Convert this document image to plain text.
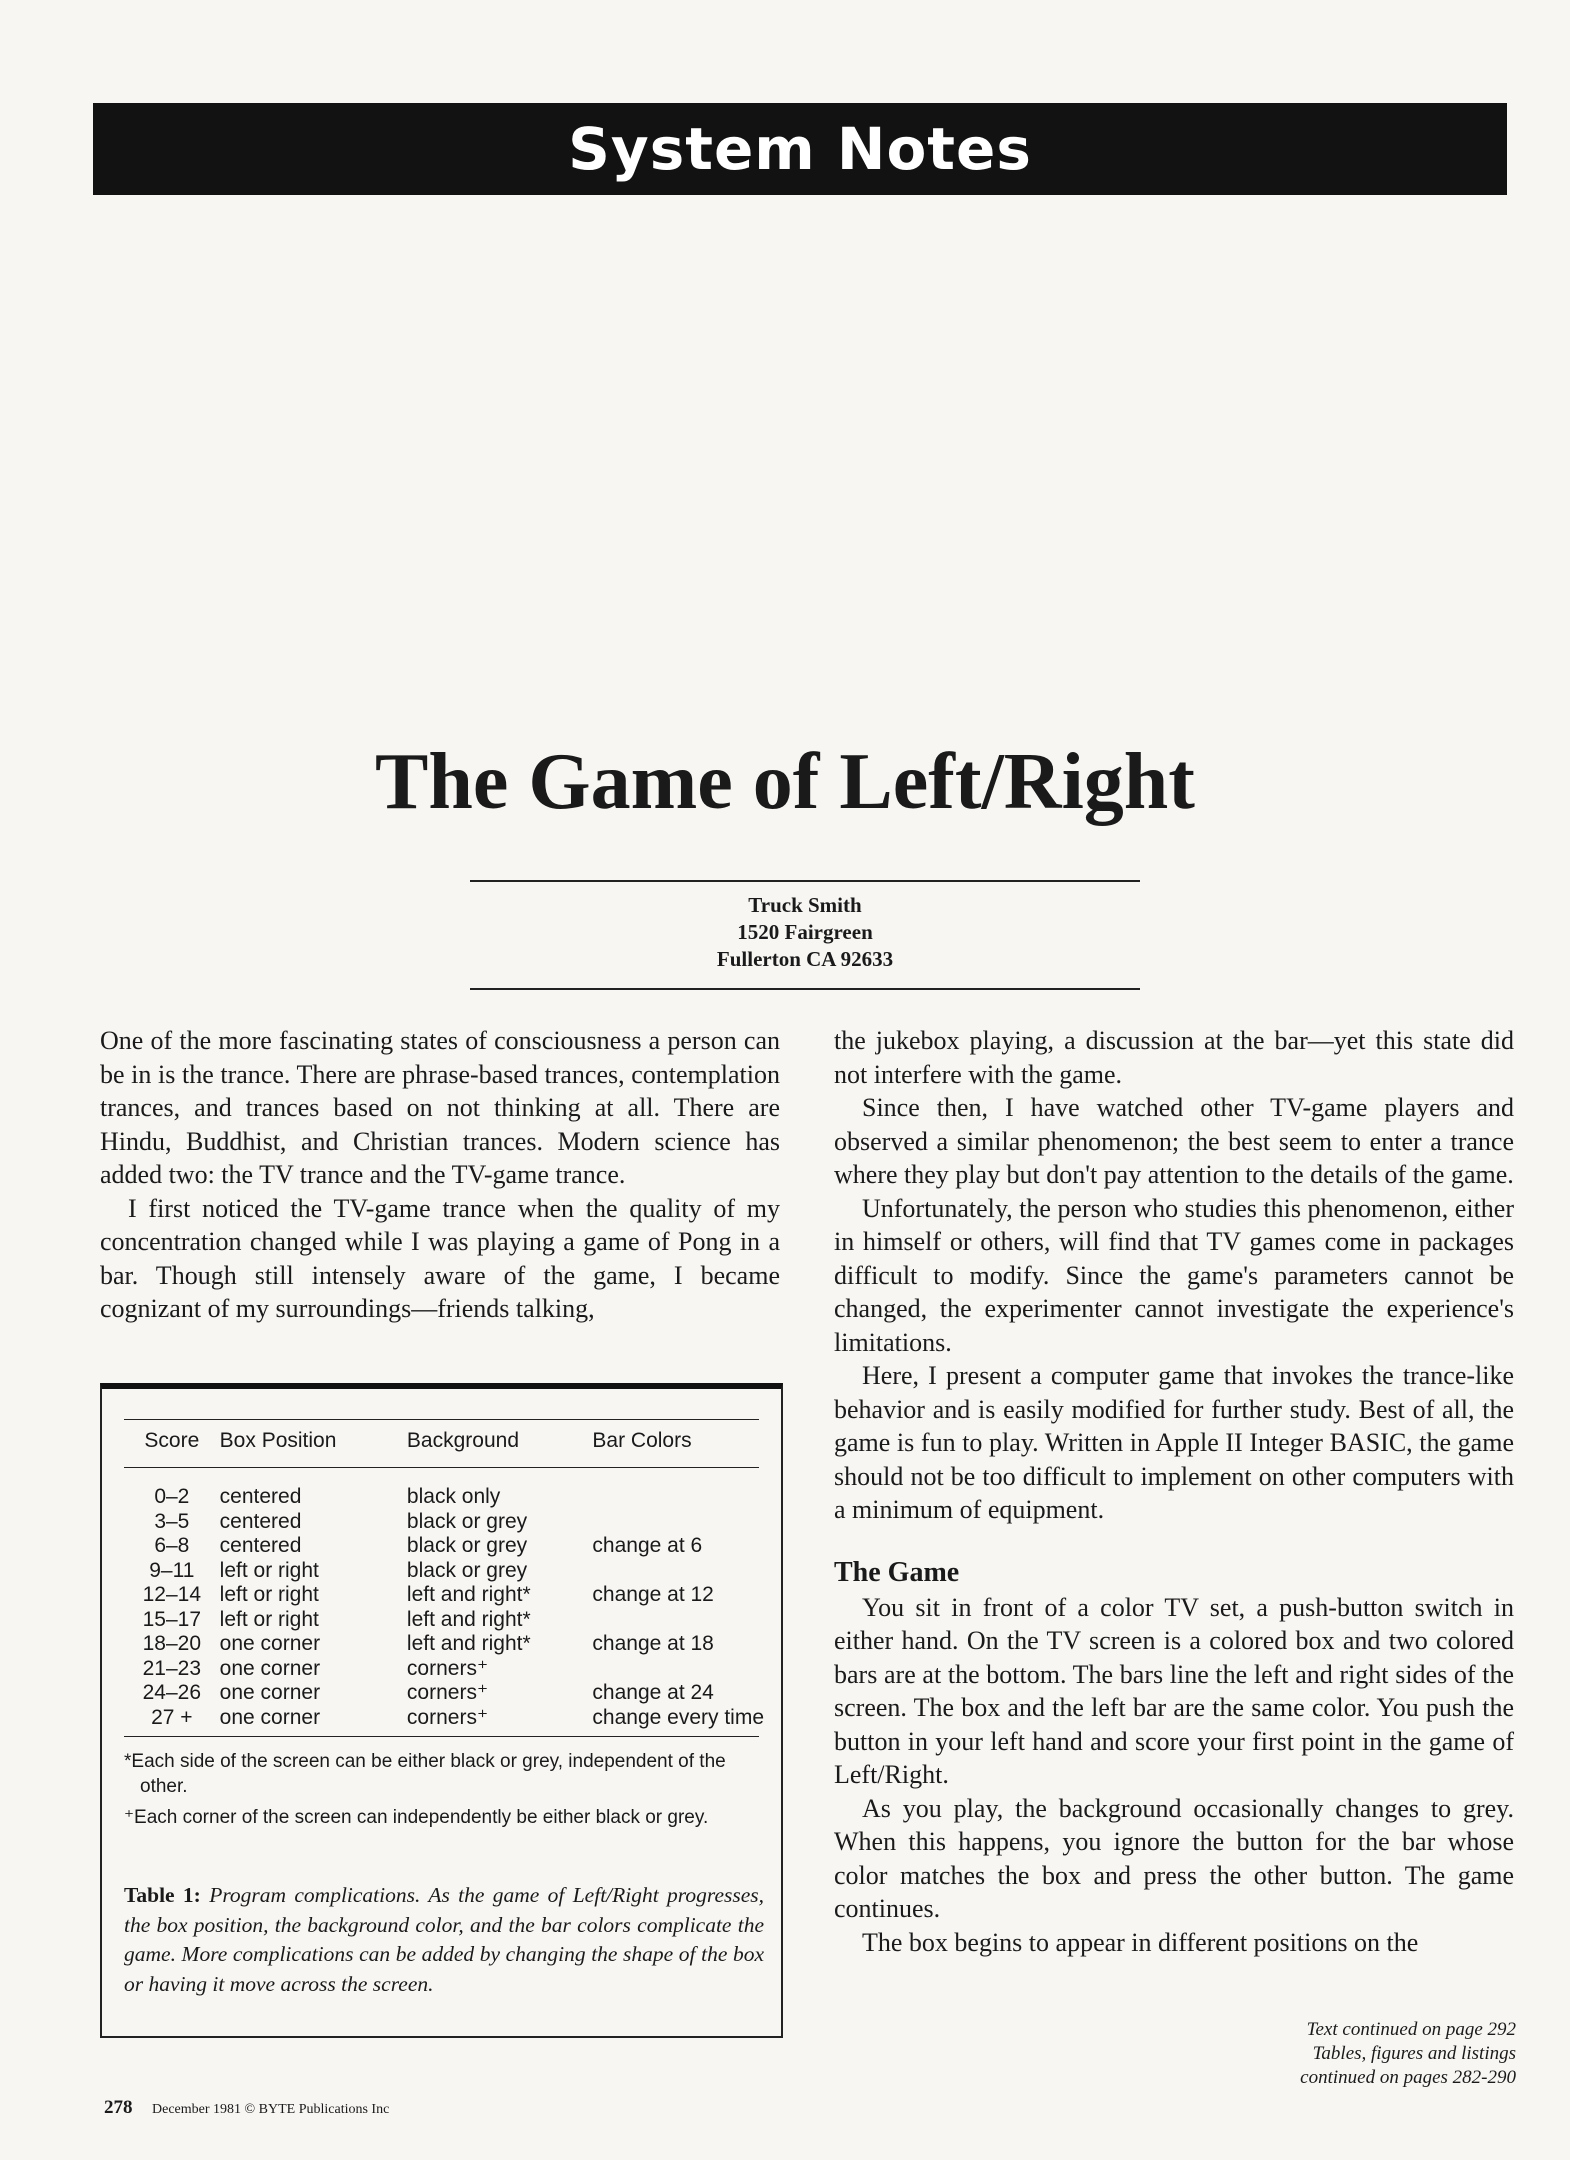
System Notes
The Game of Left/Right
Truck Smith
1520 Fairgreen
Fullerton CA 92633

One of the more fascinating states of consciousness a person can be in is the trance. There are phrase-based trances, contemplation trances, and trances based on not thinking at all. There are Hindu, Buddhist, and Christian trances. Modern science has added two: the TV trance and the TV-game trance.

I first noticed the TV-game trance when the quality of my concentration changed while I was playing a game of Pong in a bar. Though still intensely aware of the game, I became cognizant of my surroundings—friends talking,

Score	Box Position	Background	Bar Colors
0–2	centered	black only	
3–5	centered	black or grey	
6–8	centered	black or grey	change at 6
9–11	left or right	black or grey	
12–14	left or right	left and right*	change at 12
15–17	left or right	left and right*	
18–20	one corner	left and right*	change at 18
21–23	one corner	corners⁺	
24–26	one corner	corners⁺	change at 24
27 +	one corner	corners⁺	change every time

*Each side of the screen can be either black or grey, independent of the other.

⁺Each corner of the screen can independently be either black or grey.

Table 1: Program complications. As the game of Left/Right progresses, the box position, the background color, and the bar colors complicate the game. More complications can be added by changing the shape of the box or having it move across the screen.

the jukebox playing, a discussion at the bar—yet this state did not interfere with the game.

Since then, I have watched other TV-game players and observed a similar phenomenon; the best seem to enter a trance where they play but don't pay attention to the details of the game.

Unfortunately, the person who studies this phenomenon, either in himself or others, will find that TV games come in packages difficult to modify. Since the game's parameters cannot be changed, the experimenter cannot investigate the experience's limitations.

Here, I present a computer game that invokes the trance-like behavior and is easily modified for further study. Best of all, the game is fun to play. Written in Apple II Integer BASIC, the game should not be too difficult to implement on other computers with a minimum of equipment.

The Game

You sit in front of a color TV set, a push-button switch in either hand. On the TV screen is a colored box and two colored bars are at the bottom. The bars line the left and right sides of the screen. The box and the left bar are the same color. You push the button in your left hand and score your first point in the game of Left/Right.

As you play, the background occasionally changes to grey. When this happens, you ignore the button for the bar whose color matches the box and press the other button. The game continues.

The box begins to appear in different positions on the

Text continued on page 292
Tables, figures and listings
continued on pages 282-290
278 December 1981 © BYTE Publications Inc
